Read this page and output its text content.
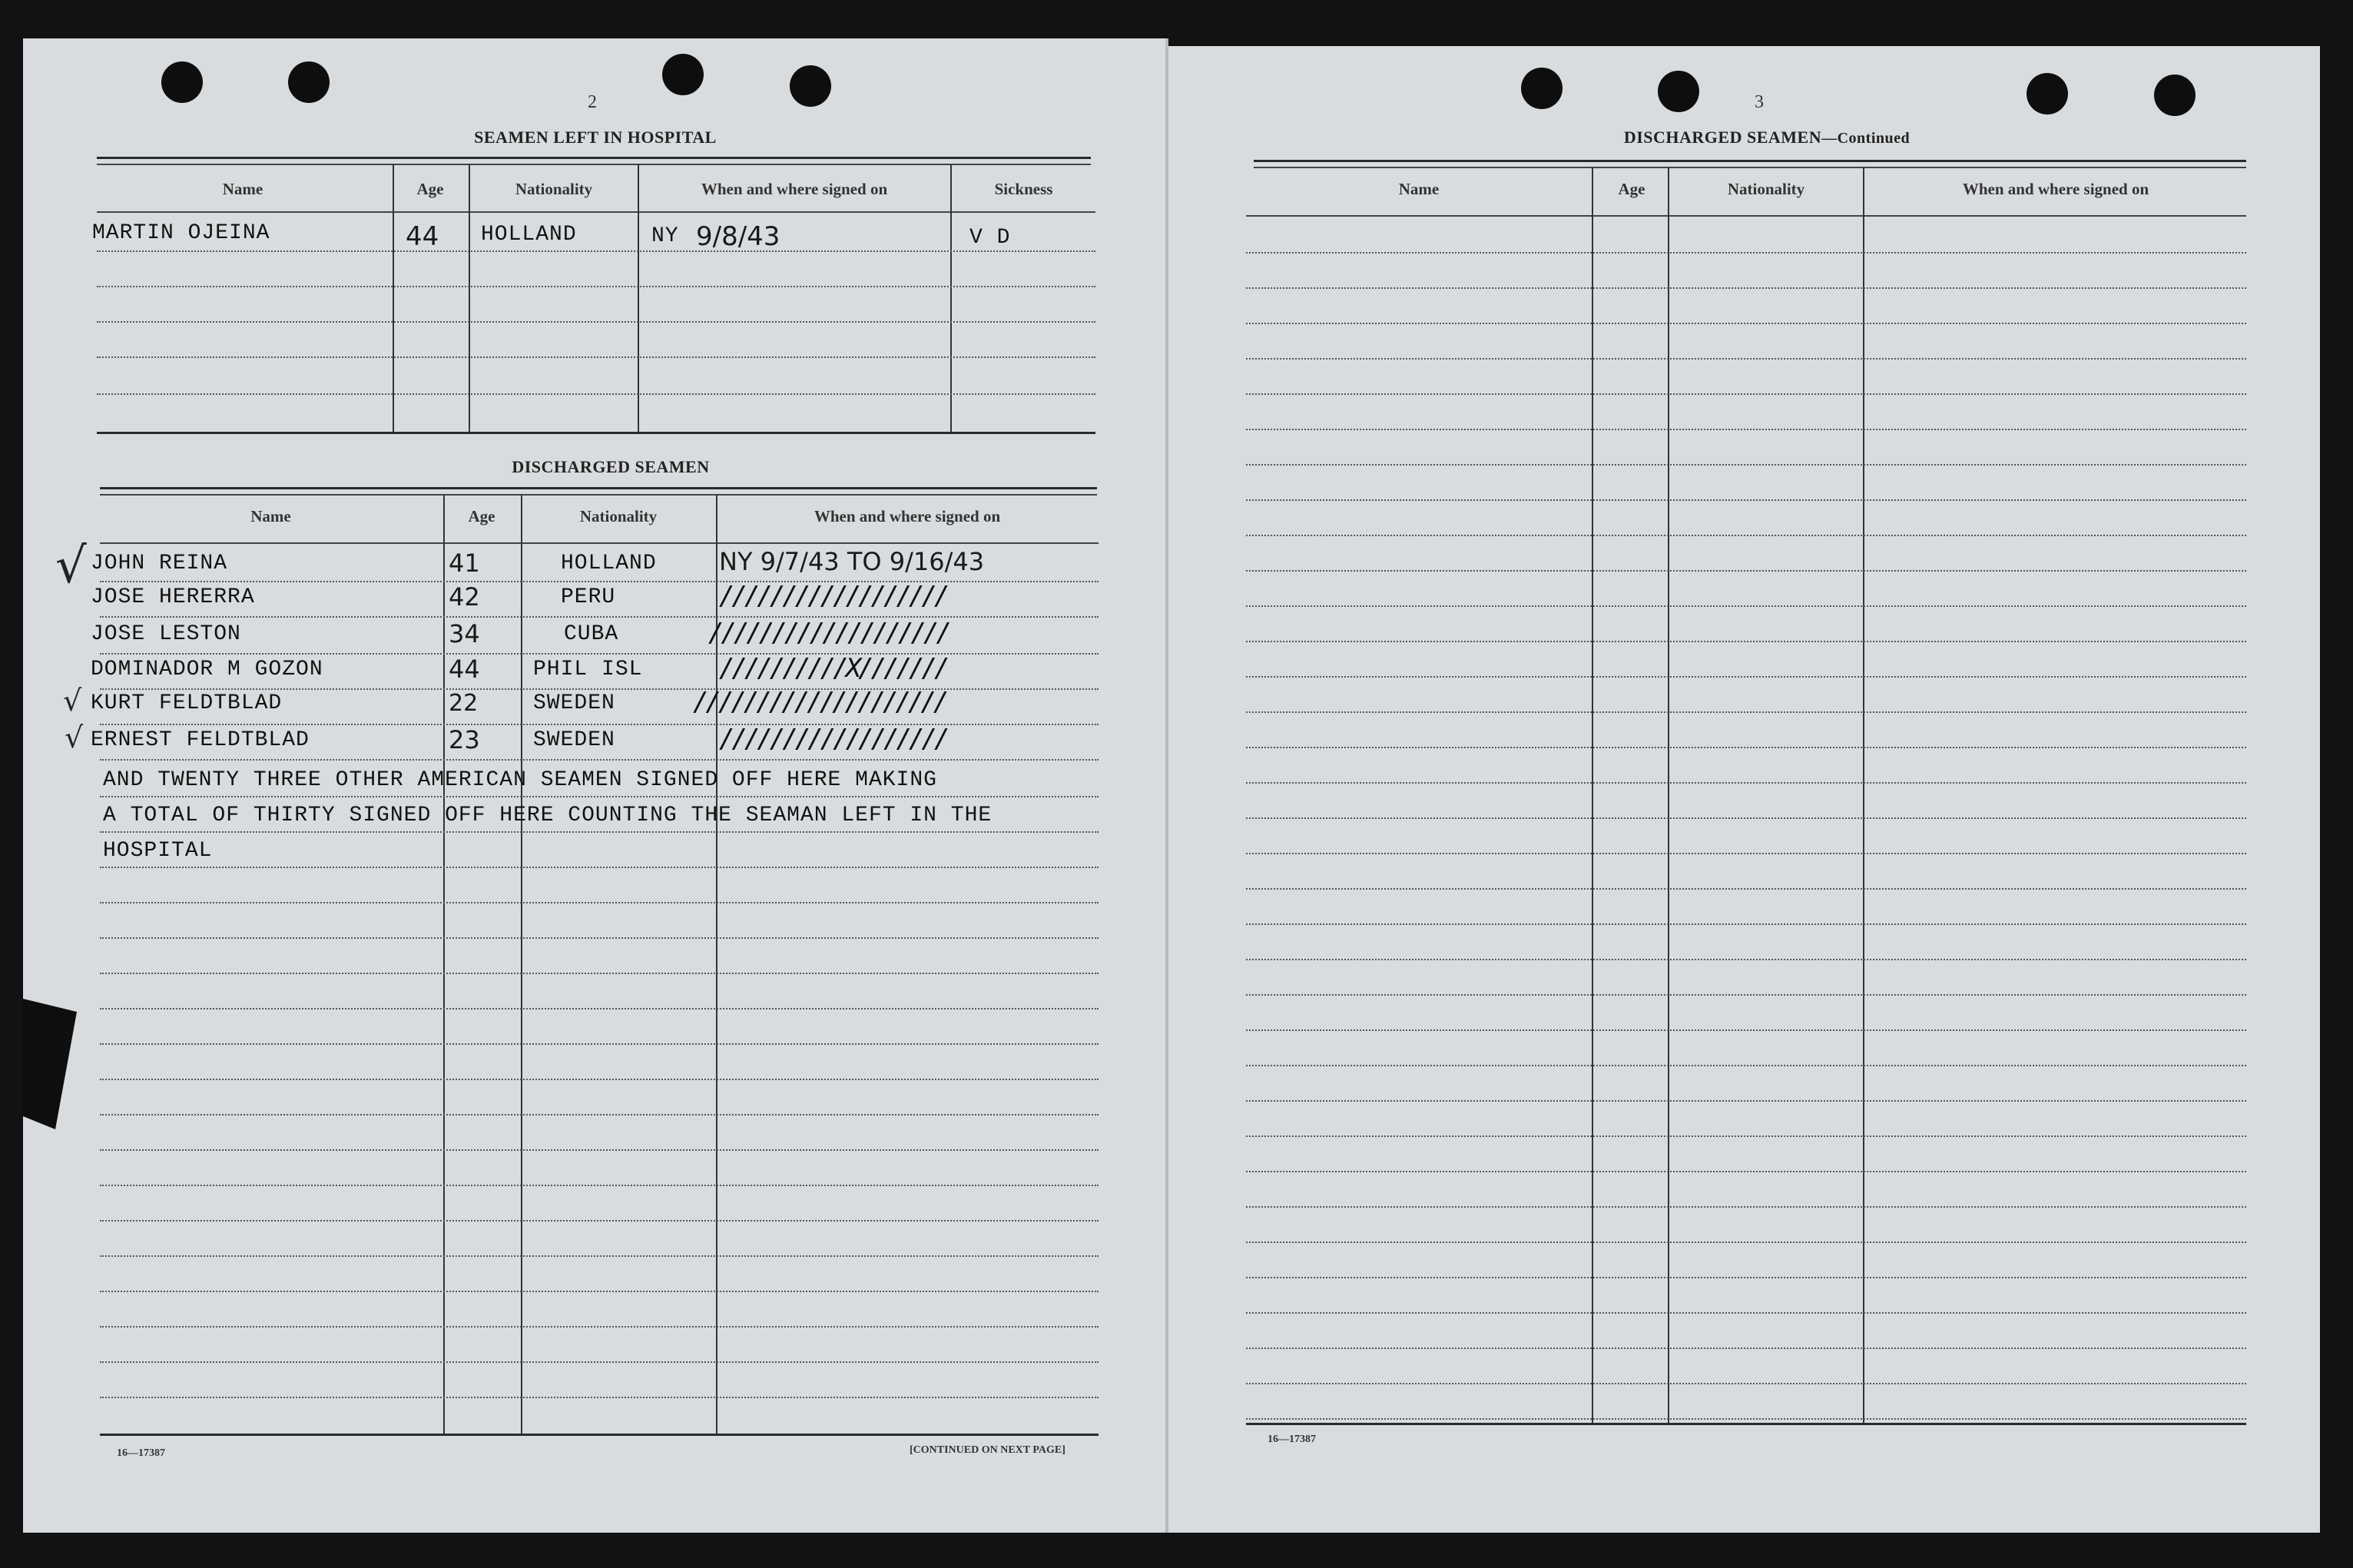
2
SEAMEN LEFT IN HOSPITAL
Name	Age	Nationality	When and where signed on	Sickness
MARTIN OJEINA	44 HOLLAND	NY 9/8/43	V D
DISCHARGED SEAMEN
Name	Age	Nationality	When and where signed on
√
√
√
JOHN REINA	41	HOLLAND	NY 9/7/43 TO 9/16/43
JOSE HERERRA	42	PERU	//////////////////
JOSE LESTON	34	CUBA	///////////////////
DOMINADOR M GOZON	44 PHIL ISL	//////////X///////
KURT FELDTBLAD	22	SWEDEN	////////////////////
ERNEST FELDTBLAD	23 SWEDEN	//////////////////
AND TWENTY THREE OTHER AMERICAN SEAMEN SIGNED OFF HERE MAKING
A TOTAL OF THIRTY SIGNED OFF HERE COUNTING THE SEAMAN LEFT IN THE
HOSPITAL
16—17387	[CONTINUED ON NEXT PAGE]
3
DISCHARGED SEAMEN—Continued
Name	Age	Nationality	When and where signed on
16—17387
